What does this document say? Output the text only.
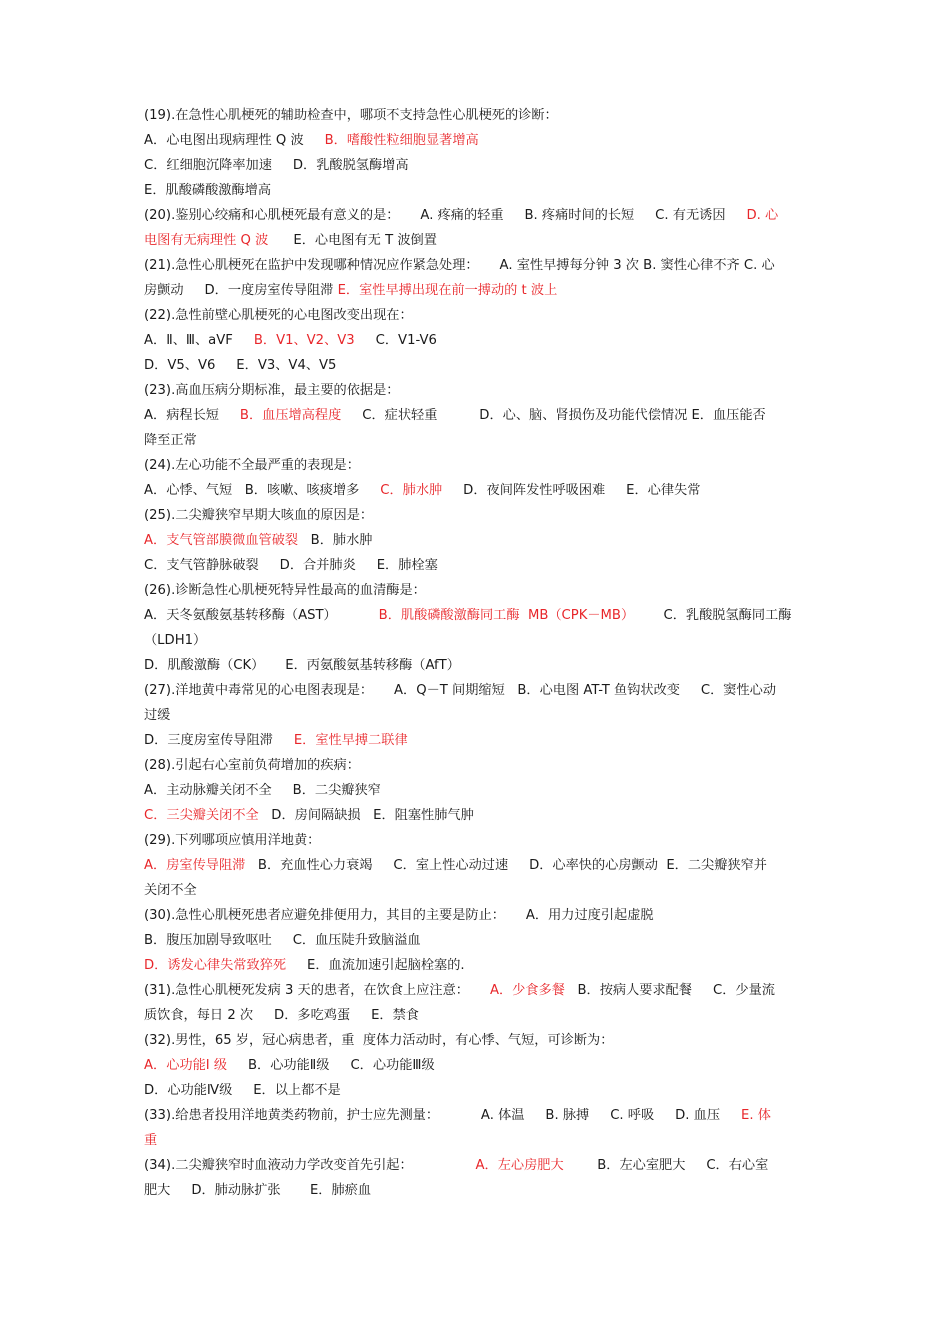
(19).在急性心肌梗死的辅助检查中，哪项不支持急性心肌梗死的诊断：
A．心电图出现病理性 Q 波     B．嗜酸性粒细胞显著增高
C．红细胞沉降率加速     D．乳酸脱氢酶增高
E．肌酸磷酸激酶增高
(20).鉴别心绞痛和心肌梗死最有意义的是：     A. 疼痛的轻重     B. 疼痛时间的长短     C. 有无诱因     D. 心
电图有无病理性 Q 波      E．心电图有无 T 波倒置
(21).急性心肌梗死在监护中发现哪种情况应作紧急处理：     A. 室性早搏每分钟 3 次 B. 窦性心律不齐 C. 心
房颤动     D．一度房室传导阻滞 E．室性早搏出现在前一搏动的 t 波上
(22).急性前壁心肌梗死的心电图改变出现在：
A．Ⅱ、Ⅲ、aVF     B．V1、V2、V3     C．V1-V6
D．V5、V6     E．V3、V4、V5
(23).高血压病分期标准，最主要的依据是：
A．病程长短     B．血压增高程度     C．症状轻重          D．心、脑、肾损伤及功能代偿情况 E．血压能否
降至正常
(24).左心功能不全最严重的表现是：
A．心悸、气短   B．咳嗽、咳痰增多     C．肺水肿     D．夜间阵发性呼吸困难     E．心律失常
(25).二尖瓣狭窄早期大咳血的原因是：
A．支气管部膜微血管破裂   B．肺水肿
C．支气管静脉破裂     D．合并肺炎     E．肺栓塞
(26).诊断急性心肌梗死特异性最高的血清酶是：
A．天冬氨酸氨基转移酶（AST）          B．肌酸磷酸激酶同工酶  MB（CPK－MB）       C．乳酸脱氢酶同工酶
（LDH1）
D．肌酸激酶（CK）     E．丙氨酸氨基转移酶（AfT）
(27).洋地黄中毒常见的心电图表现是：     A．Q－T 间期缩短   B．心电图 AT-T 鱼钩状改变     C．窦性心动
过缓
D．三度房室传导阻滞     E．室性早搏二联律
(28).引起右心室前负荷增加的疾病：
A．主动脉瓣关闭不全     B．二尖瓣狭窄
C．三尖瓣关闭不全   D．房间隔缺损   E．阻塞性肺气肿
(29).下列哪项应慎用洋地黄：
A．房室传导阻滞   B．充血性心力衰竭     C．室上性心动过速     D．心率快的心房颤动  E．二尖瓣狭窄并
关闭不全
(30).急性心肌梗死患者应避免排便用力，其目的主要是防止：     A．用力过度引起虚脱
B．腹压加剧导致呕吐     C．血压陡升致脑溢血
D．诱发心律失常致猝死     E．血流加速引起脑栓塞的.
(31).急性心肌梗死发病 3 天的患者，在饮食上应注意：     A．少食多餐   B．按病人要求配餐     C．少量流
质饮食，每日 2 次     D．多吃鸡蛋     E．禁食
(32).男性，65 岁，冠心病患者，重  度体力活动时，有心悸、气短，可诊断为：
A．心功能Ⅰ 级     B．心功能Ⅱ级     C．心功能Ⅲ级
D．心功能Ⅳ级     E．以上都不是
(33).给患者投用洋地黄类药物前，护士应先测量：          A. 体温     B. 脉搏     C. 呼吸     D. 血压     E. 体
重
(34).二尖瓣狭窄时血液动力学改变首先引起：               A．左心房肥大        B．左心室肥大     C．右心室
肥大     D．肺动脉扩张       E．肺瘀血
